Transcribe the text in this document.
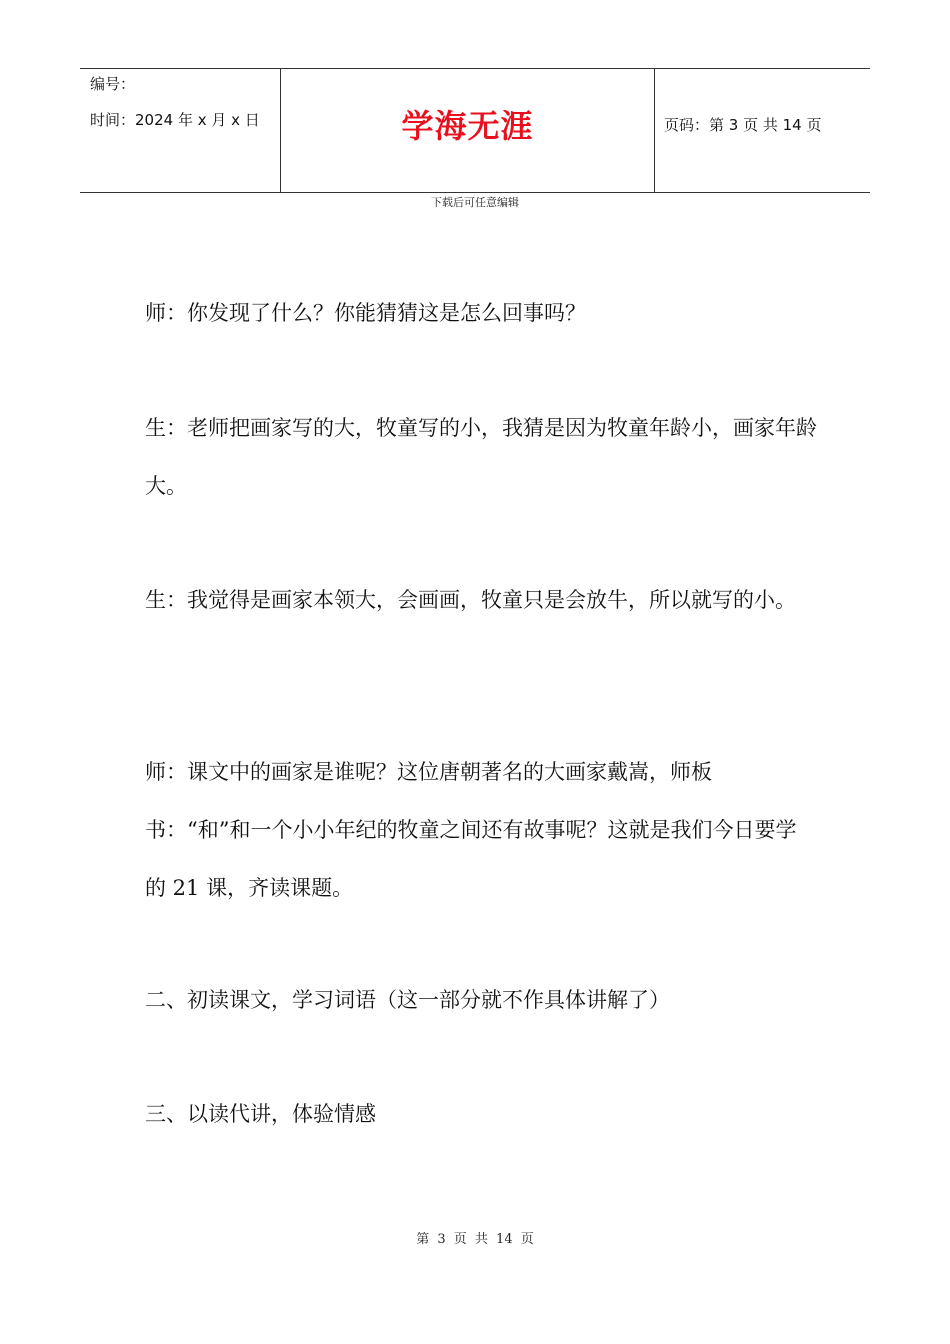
编号：
时间：2024 年 x 月 x 日	学海无涯	页码：第 3 页 共 14 页
下载后可任意编辑

师：你发现了什么？你能猜猜这是怎么回事吗？

生：老师把画家写的大，牧童写的小，我猜是因为牧童年龄小，画家年龄大。

生：我觉得是画家本领大，会画画，牧童只是会放牛，所以就写的小。

师：课文中的画家是谁呢？这位唐朝著名的大画家戴嵩，师板书：“和”和一个小小年纪的牧童之间还有故事呢？这就是我们今日要学的 21 课，齐读课题。

二、初读课文，学习词语（这一部分就不作具体讲解了）

三、以读代讲，体验情感

第 3 页 共 14 页
